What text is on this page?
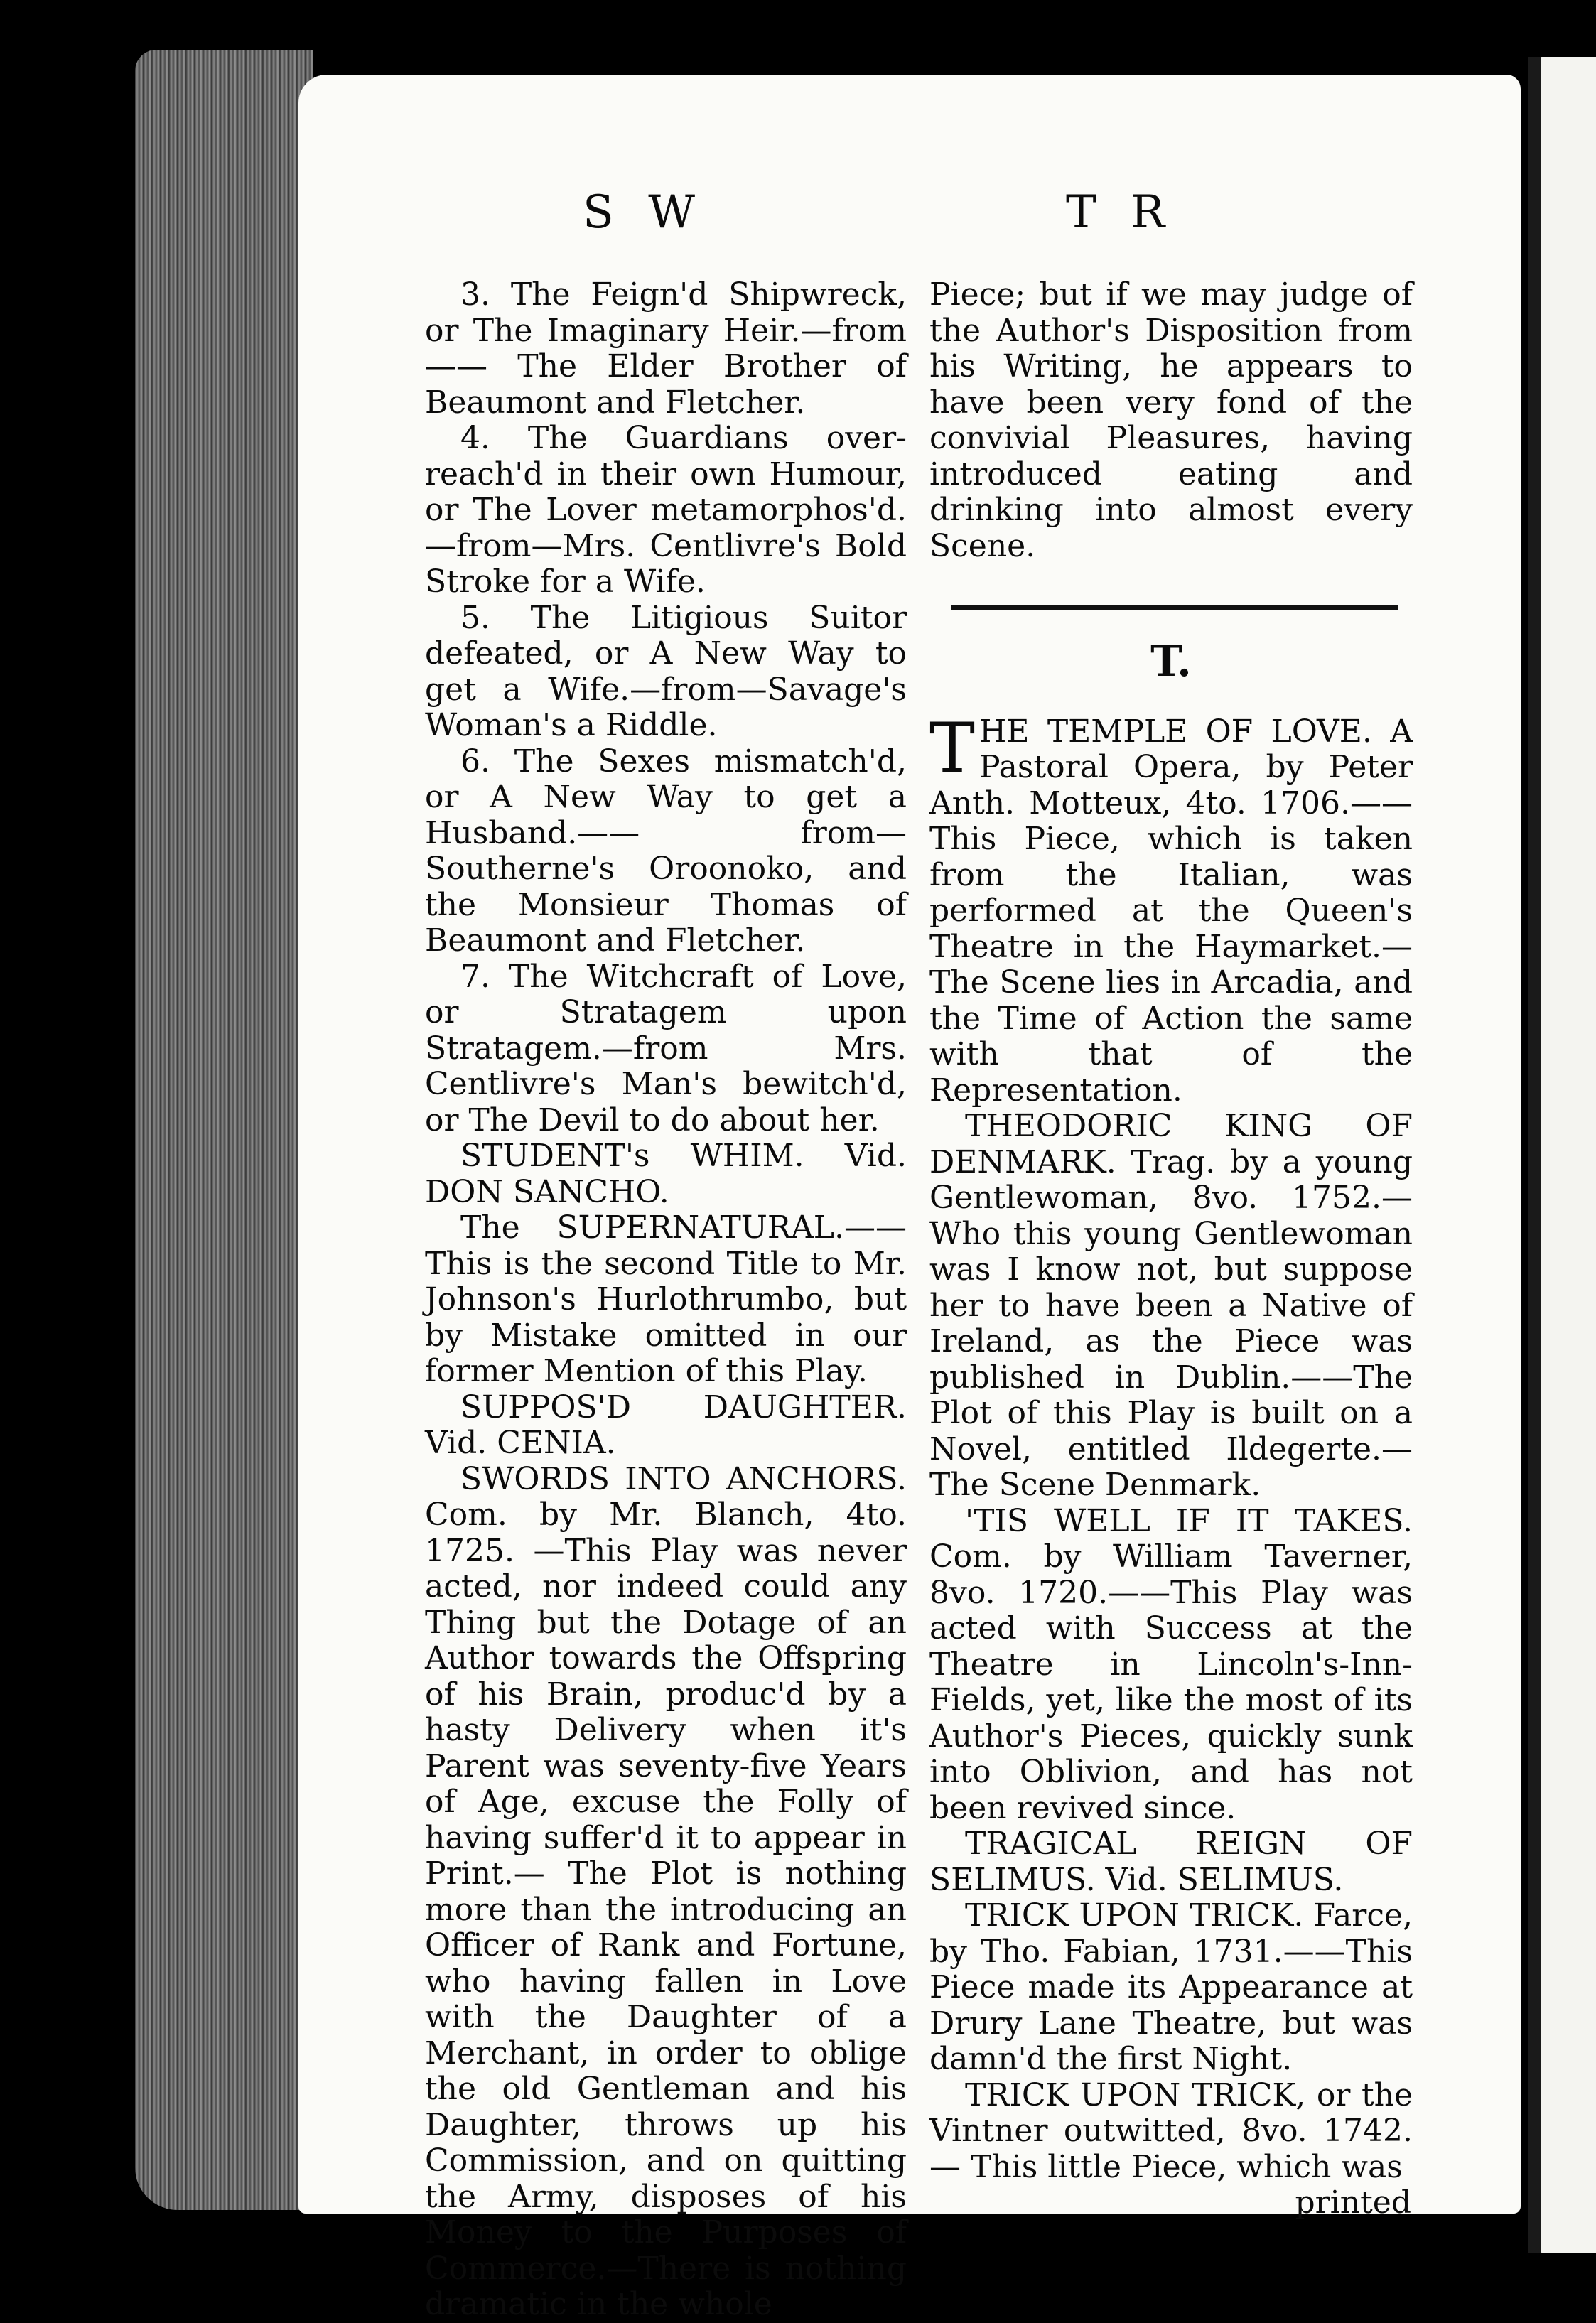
S W	T R

3. The Feign'd Shipwreck, or The Imaginary Heir.—from—— The Elder Brother of Beaumont and Fletcher.

4. The Guardians over-reach'd in their own Humour, or The Lover metamorphos'd.—from—Mrs. Centlivre's Bold Stroke for a Wife.

5. The Litigious Suitor defeated, or A New Way to get a Wife.—from—Savage's Woman's a Riddle.

6. The Sexes mismatch'd, or A New Way to get a Husband.—— from—Southerne's Oroonoko, and the Monsieur Thomas of Beaumont and Fletcher.

7. The Witchcraft of Love, or Stratagem upon Stratagem.—from Mrs. Centlivre's Man's bewitch'd, or The Devil to do about her.

STUDENT's WHIM. Vid. DON SANCHO.

The SUPERNATURAL.—— This is the second Title to Mr. Johnson's Hurlothrumbo, but by Mistake omitted in our former Mention of this Play.

SUPPOS'D DAUGHTER. Vid. CENIA.

SWORDS INTO ANCHORS. Com. by Mr. Blanch, 4to. 1725. —This Play was never acted, nor indeed could any Thing but the Dotage of an Author towards the Offspring of his Brain, produc'd by a hasty Delivery when it's Parent was seventy-five Years of Age, excuse the Folly of having suffer'd it to appear in Print.— The Plot is nothing more than the introducing an Officer of Rank and Fortune, who having fallen in Love with the Daughter of a Merchant, in order to oblige the old Gentleman and his Daughter, throws up his Commission, and on quitting the Army, disposes of his Money to the Purposes of Commerce.—There is nothing dramatic in the whole

Piece; but if we may judge of the Author's Disposition from his Writing, he appears to have been very fond of the convivial Pleasures, having introduced eating and drinking into almost every Scene.

T.

THE TEMPLE OF LOVE. A Pastoral Opera, by Peter Anth. Motteux, 4to. 1706.—— This Piece, which is taken from the Italian, was performed at the Queen's Theatre in the Haymarket.—The Scene lies in Arcadia, and the Time of Action the same with that of the Representation.

THEODORIC KING OF DENMARK. Trag. by a young Gentlewoman, 8vo. 1752.—Who this young Gentlewoman was I know not, but suppose her to have been a Native of Ireland, as the Piece was published in Dublin.——The Plot of this Play is built on a Novel, entitled Ildegerte.—The Scene Denmark.

'TIS WELL IF IT TAKES. Com. by William Taverner, 8vo. 1720.——This Play was acted with Success at the Theatre in Lincoln's-Inn-Fields, yet, like the most of its Author's Pieces, quickly sunk into Oblivion, and has not been revived since.

TRAGICAL REIGN OF SELIMUS. Vid. SELIMUS.

TRICK UPON TRICK. Farce, by Tho. Fabian, 1731.——This Piece made its Appearance at Drury Lane Theatre, but was damn'd the first Night.

TRICK UPON TRICK, or the Vintner outwitted, 8vo. 1742.— This little Piece, which was

printed
